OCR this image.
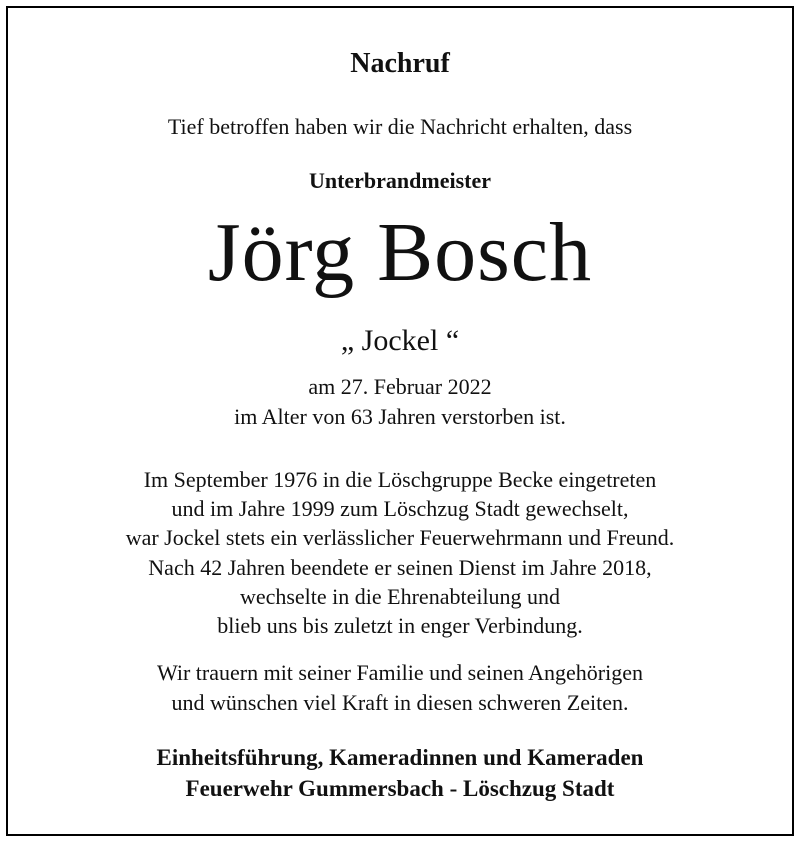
Nachruf
Tief betroffen haben wir die Nachricht erhalten, dass
Unterbrandmeister
Jörg Bosch
„ Jockel “
am 27. Februar 2022
im Alter von 63 Jahren verstorben ist.
Im September 1976 in die Löschgruppe Becke eingetreten
und im Jahre 1999 zum Löschzug Stadt gewechselt,
war Jockel stets ein verlässlicher Feuerwehrmann und Freund.
Nach 42 Jahren beendete er seinen Dienst im Jahre 2018,
wechselte in die Ehrenabteilung und
blieb uns bis zuletzt in enger Verbindung.
Wir trauern mit seiner Familie und seinen Angehörigen
und wünschen viel Kraft in diesen schweren Zeiten.
Einheitsführung, Kameradinnen und Kameraden
Feuerwehr Gummersbach - Löschzug Stadt
